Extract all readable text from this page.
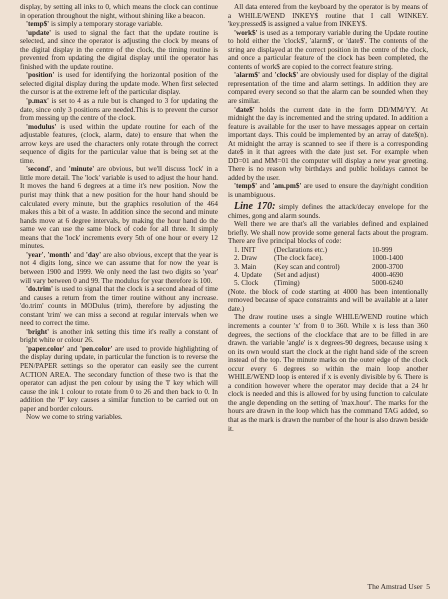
display, by setting all inks to 0, which means the clock can continue in operation throughout the night, without shining like a beacon.

'temp$' is simply a temporary storage variable.

'update' is used to signal the fact that the update routine is selected, and since the operator is adjusting the clock by means of the digital display in the centre of the clock, the timing routine is prevented from updating the digital display until the operator has finished with the update routine.

'position' is used for identifying the horizontal position of the selected digital display during the update mode. When first selected the cursor is at the extreme left of the particular display.

'p.max' is set to 4 as a rule but is changed to 3 for updating the date, since only 3 positions are needed.This is to prevent the cursor from messing up the centre of the clock.

'modulus' is used within the update routine for each of the adjustable features, (clock, alarm, date) to ensure that when the arrow keys are used the characters only rotate through the correct sequence of digits for the particular value that is being set at the time.

'second', and 'minute' are obvious, but we'll discuss 'lock' in a little more detail. The 'lock' variable is used to adjust the hour hand. It moves the hand 6 degrees at a time it's new position. Now the purist may think that a new position for the hour hand should be calculated every minute, but the graphics resolution of the 464 makes this a bit of a waste. In addition since the second and minute hands move at 6 degree intervals, by making the hour hand do the same we can use the same block of code for all three. It simply means that the 'lock' increments every 5th of one hour or every 12 minutes.

'year', 'month' and 'day' are also obvious, except that the year is not 4 digits long, since we can assume that for now the year is between 1900 and 1999. We only need the last two digits so 'year' will vary between 0 and 99. The modulus for year therefore is 100.

'do.trim' is used to signal that the clock is a second ahead of time and causes a return from the timer routine without any increase. 'do.trim' counts in MODulus (trim), therefore by adjusting the constant 'trim' we can miss a second at regular intervals when we need to correct the time.

'bright' is another ink setting this time it's really a constant of bright white or colour 26.

'paper.color' and 'pen.color' are used to provide highlighting of the display during update, in particular the function is to reverse the PEN/PAPER settings so the operator can easily see the current ACTION AREA. The secondary function of these two is that the operator can adjust the pen colour by using the 'I' key which will cause the ink 1 colour to rotate from 0 to 26 and then back to 0. In addition the 'P' key causes a similar function to be carried out on paper and border colours.

Now we come to string variables.

All data entered from the keyboard by the operator is by means of a WHILE/WEND INKEY$ routine that I call WINKEY. 'key.pressed$ is assigned a value from INKEY$.

'work$' is used as a temporary variable during the Update routine to hold either the 'clock$', 'alarm$', or 'date$'. The contents of the string are displayed at the correct position in the centre of the clock, and once a particular feature of the clock has been completed, the contents of work$ are copied to the correct feature string.

'alarm$' and 'clock$' are obviously used for display of the digital representation of the time and alarm settings. In addition they are compared every second so that the alarm can be sounded when they are similar.

'date$' holds the current date in the form DD/MM/YY. At midnight the day is incremented and the string updated. In addition a feature is available for the user to have messages appear on certain important days. This could be implemented by an array of date$(n). At midnight the array is scanned to see if there is a corresponding date$ in it that agrees with the date just set. For example when DD=01 and MM=01 the computer will display a new year greeting. There is no reason why birthdays and public holidays cannot be added by the user.

'temp$' and 'am.pm$' are used to ensure the day/night condition is unambiguous.

Line 170: simply defines the attack/decay envelope for the chimes, gong and alarm sounds.

Well there we are that's all the variables defined and explained briefly. We shall now provide some general facts about the program. There are five principal blocks of code:

1. INIT	(Declarations etc.)	10-999
2. Draw	(The clock face).	1000-1400
3. Main	(Key scan and control)	2000-3700
4. Update	(Set and adjust)	4000-4690
5. Clock	(Timing)	5000-6240

(Note. the block of code starting at 4000 has been intentionally removed because of space constraints and will be available at a later date.)

The draw routine uses a single WHILE/WEND routine which increments a counter 'x' from 0 to 360. While x is less than 360 degrees, the sections of the clockface that are to be filled in are drawn. the variable 'angle' is x degrees-90 degrees, because using x on its own would start the clock at the right hand side of the screen instead of the top. The minute marks on the outer edge of the clock occur every 6 degrees so within the main loop another WHILE/WEND loop is entered if x is evenly divisible by 6. There is a condition however where the operator may decide that a 24 hr clock is needed and this is allowed for by using function to calculate the angle depending on the setting of 'max.hour'. The marks for the hours are drawn in the loop which has the command TAG added, so that as the mark is drawn the number of the hour is also drawn beside it.

The Amstrad User 5
